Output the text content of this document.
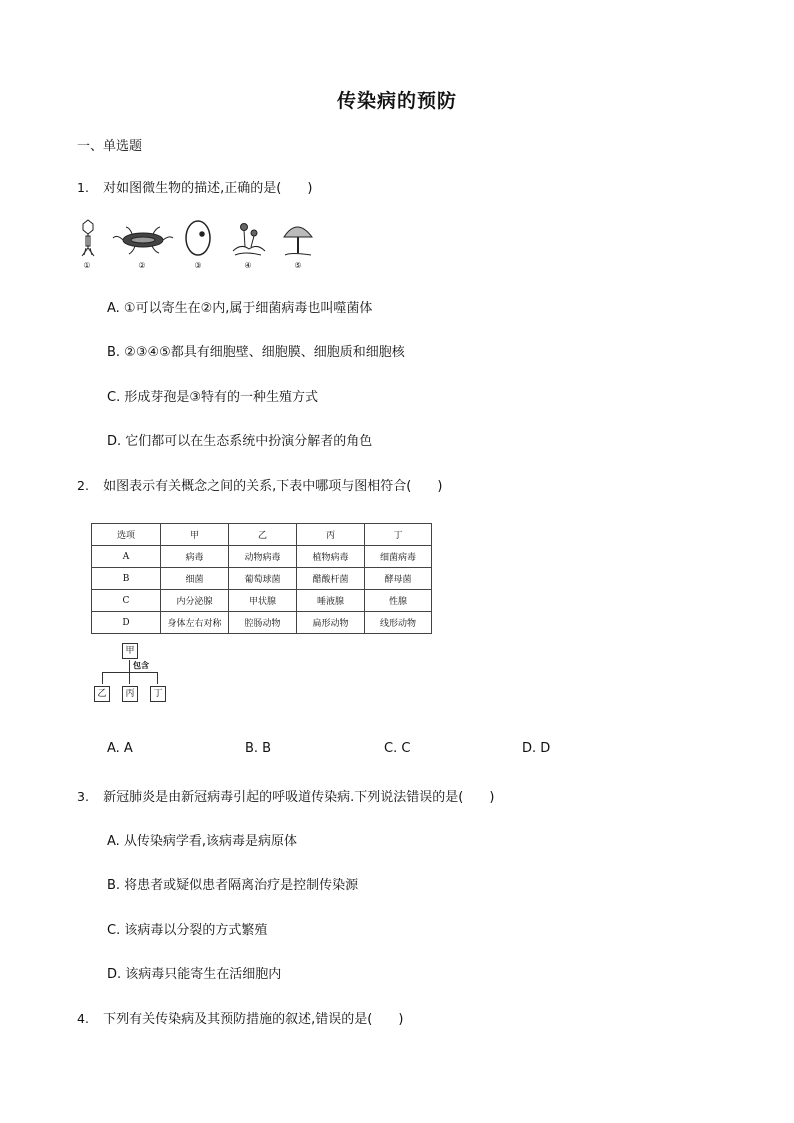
传染病的预防
一、单选题
1. 对如图微生物的描述,正确的是(　　)
①	②	③	④	⑤
A. ①可以寄生在②内,属于细菌病毒也叫噬菌体
B. ②③④⑤都具有细胞壁、细胞膜、细胞质和细胞核
C. 形成芽孢是③特有的一种生殖方式
D. 它们都可以在生态系统中扮演分解者的角色
2. 如图表示有关概念之间的关系,下表中哪项与图相符合(　　)
选项	甲	乙	丙	丁
A	病毒	动物病毒	植物病毒	细菌病毒
B	细菌	葡萄球菌	醋酸杆菌	酵母菌
C	内分泌腺	甲状腺	唾液腺	性腺
D	身体左右对称	腔肠动物	扁形动物	线形动物
甲
包含
乙	丙	丁
A. A	B. B	C. C	D. D
3. 新冠肺炎是由新冠病毒引起的呼吸道传染病.下列说法错误的是(　　)
A. 从传染病学看,该病毒是病原体
B. 将患者或疑似患者隔离治疗是控制传染源
C. 该病毒以分裂的方式繁殖
D. 该病毒只能寄生在活细胞内
4. 下列有关传染病及其预防措施的叙述,错误的是(　　)
